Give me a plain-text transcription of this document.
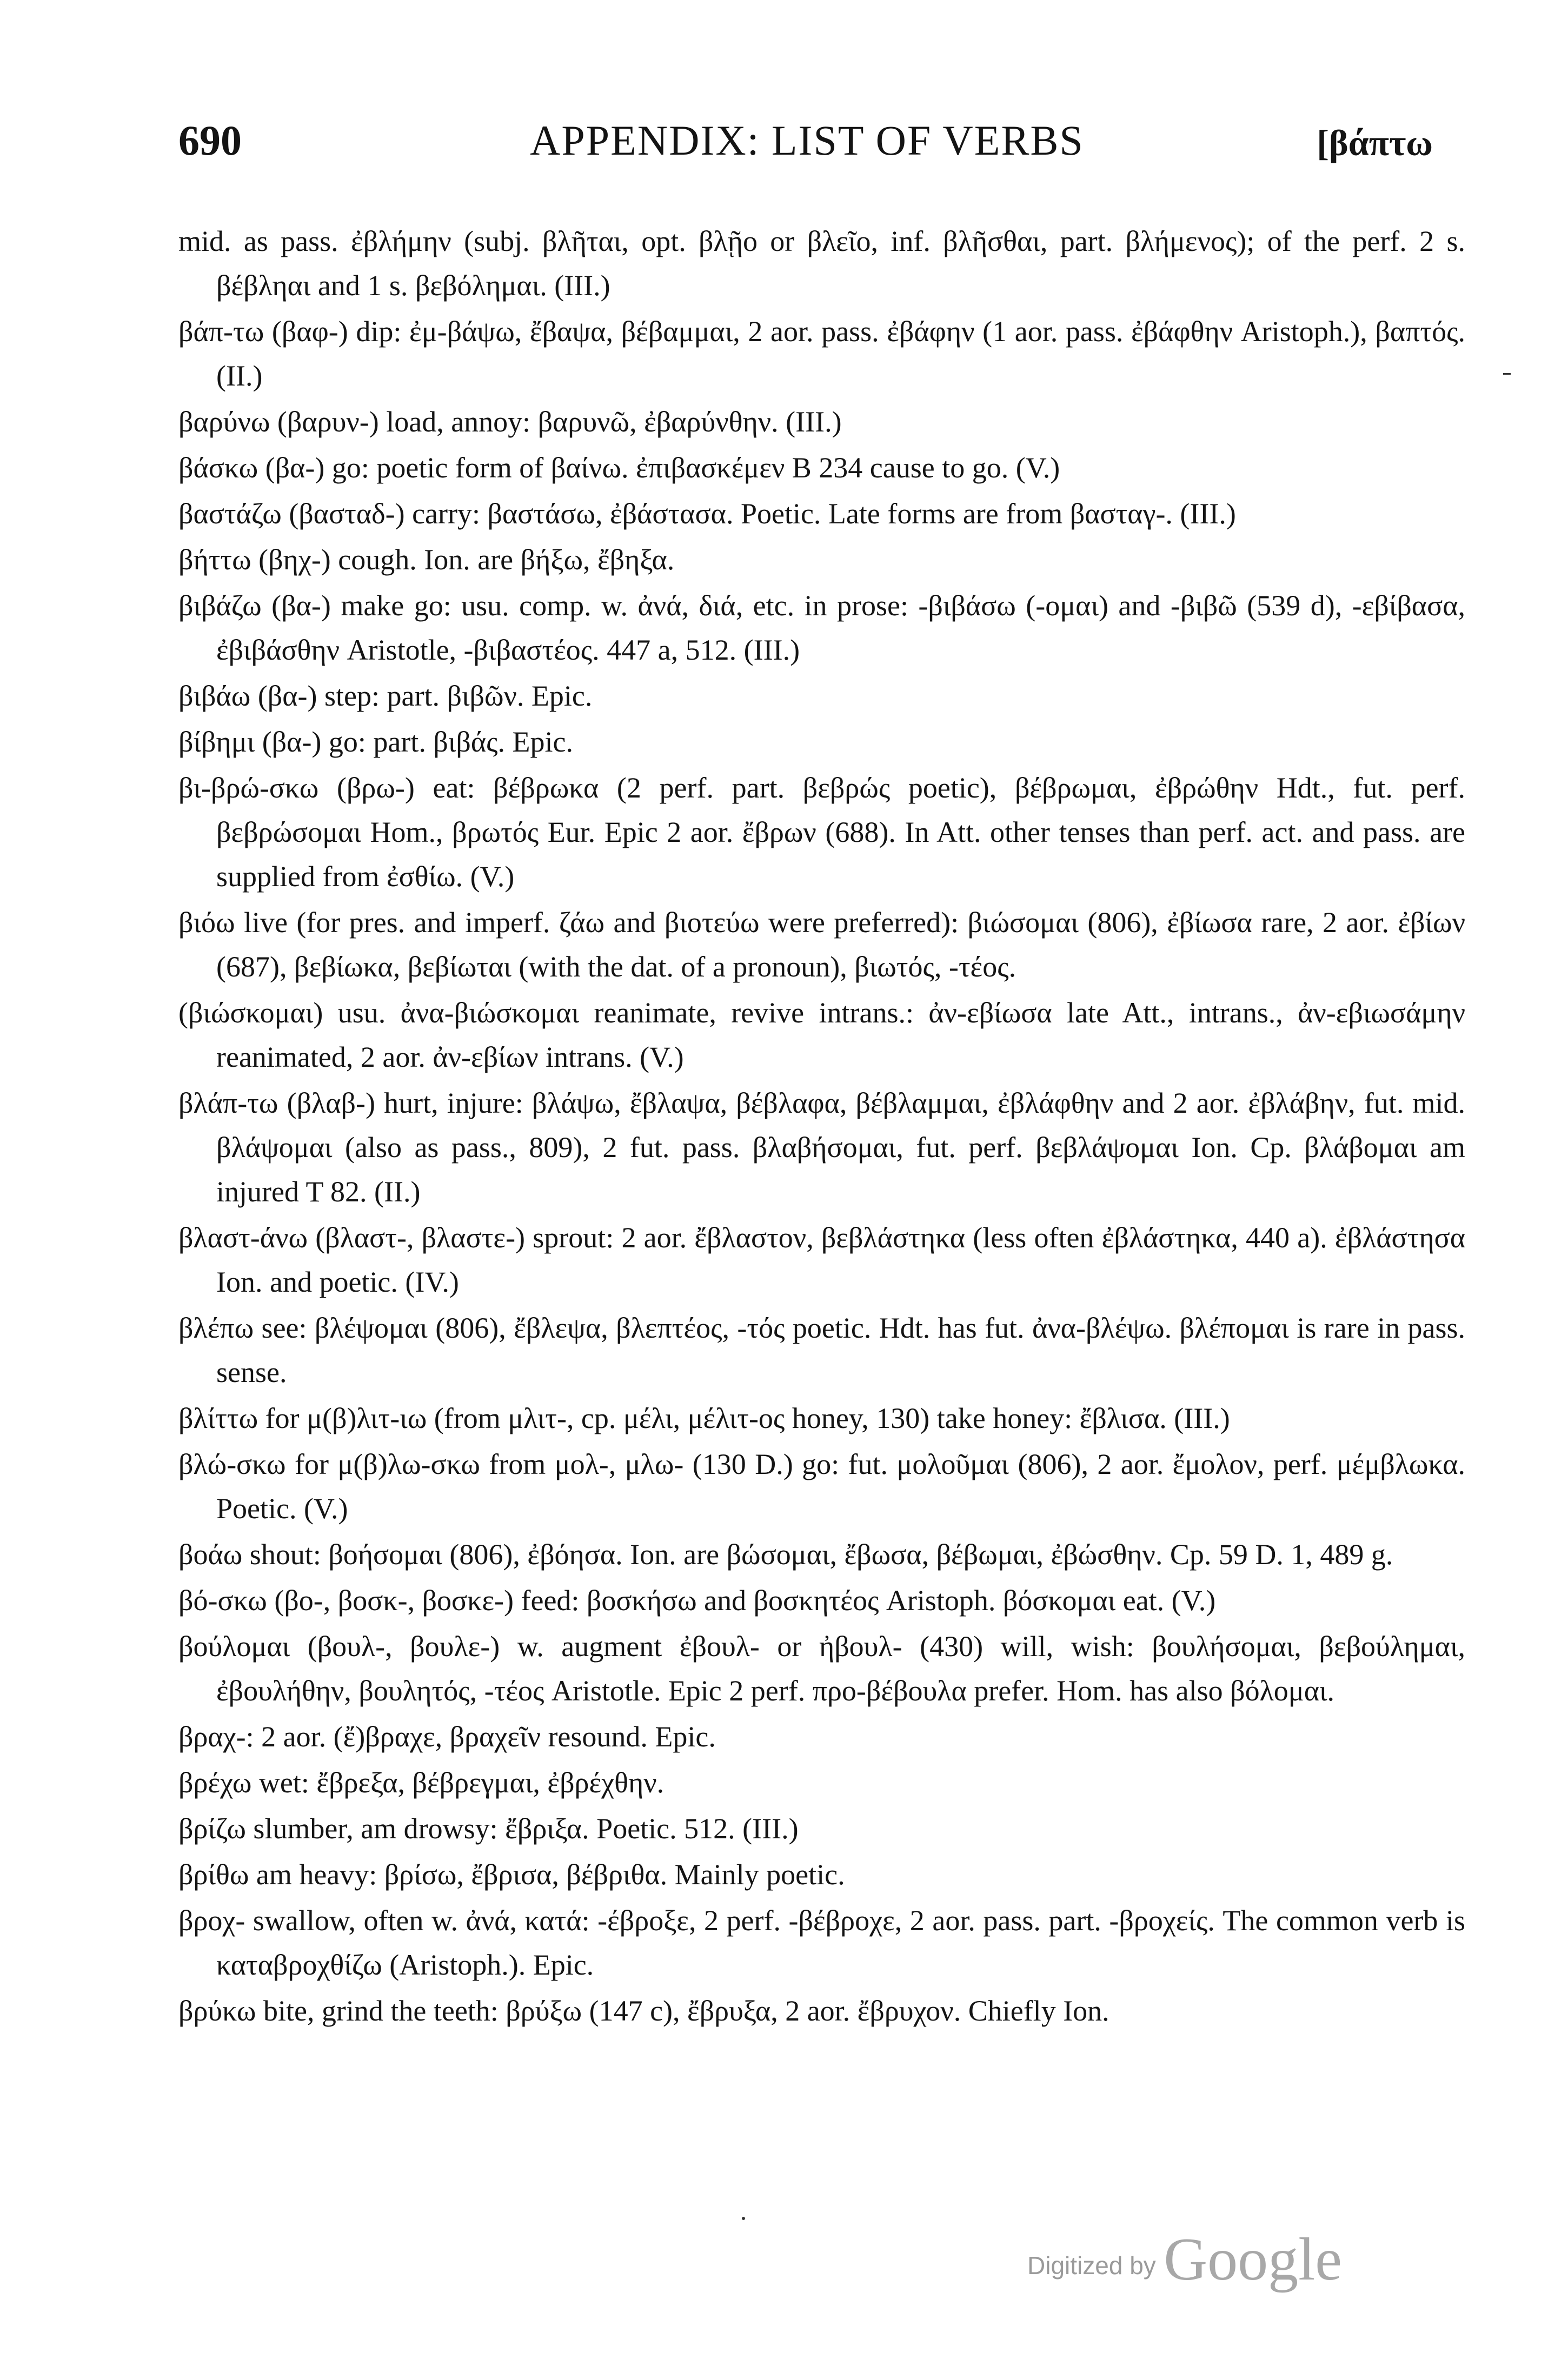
690	APPENDIX: LIST OF VERBS	[βάπτω

mid. as pass. ἐβλήμην (subj. βλῆται, opt. βλῇο or βλεῖο, inf. βλῆσθαι, part. βλήμενος); of the perf. 2 s. βέβληαι and 1 s. βεβόλημαι. (III.)

βάπ-τω (βαφ-) dip: ἐμ-βάψω, ἔβαψα, βέβαμμαι, 2 aor. pass. ἐβάφην (1 aor. pass. ἐβάφθην Aristoph.), βαπτός. (II.)

βαρύνω (βαρυν-) load, annoy: βαρυνῶ, ἐβαρύνθην. (III.)

βάσκω (βα-) go: poetic form of βαίνω. ἐπιβασκέμεν B 234 cause to go. (V.)

βαστάζω (βασταδ-) carry: βαστάσω, ἐβάστασα. Poetic. Late forms are from βασταγ-. (III.)

βήττω (βηχ-) cough. Ion. are βήξω, ἔβηξα.

βιβάζω (βα-) make go: usu. comp. w. ἀνά, διά, etc. in prose: -βιβάσω (-ομαι) and -βιβῶ (539 d), -εβίβασα, ἐβιβάσθην Aristotle, -βιβαστέος. 447 a, 512. (III.)

βιβάω (βα-) step: part. βιβῶν. Epic.

βίβημι (βα-) go: part. βιβάς. Epic.

βι-βρώ-σκω (βρω-) eat: βέβρωκα (2 perf. part. βεβρώς poetic), βέβρωμαι, ἐβρώθην Hdt., fut. perf. βεβρώσομαι Hom., βρωτός Eur. Epic 2 aor. ἔβρων (688). In Att. other tenses than perf. act. and pass. are supplied from ἐσθίω. (V.)

βιόω live (for pres. and imperf. ζάω and βιοτεύω were preferred): βιώσομαι (806), ἐβίωσα rare, 2 aor. ἐβίων (687), βεβίωκα, βεβίωται (with the dat. of a pronoun), βιωτός, -τέος.

(βιώσκομαι) usu. ἀνα-βιώσκομαι reanimate, revive intrans.: ἀν-εβίωσα late Att., intrans., ἀν-εβιωσάμην reanimated, 2 aor. ἀν-εβίων intrans. (V.)

βλάπ-τω (βλαβ-) hurt, injure: βλάψω, ἔβλαψα, βέβλαφα, βέβλαμμαι, ἐβλάφθην and 2 aor. ἐβλάβην, fut. mid. βλάψομαι (also as pass., 809), 2 fut. pass. βλαβήσομαι, fut. perf. βεβλάψομαι Ion. Cp. βλάβομαι am injured T 82. (II.)

βλαστ-άνω (βλαστ-, βλαστε-) sprout: 2 aor. ἔβλαστον, βεβλάστηκα (less often ἐβλάστηκα, 440 a). ἐβλάστησα Ion. and poetic. (IV.)

βλέπω see: βλέψομαι (806), ἔβλεψα, βλεπτέος, -τός poetic. Hdt. has fut. ἀνα-βλέψω. βλέπομαι is rare in pass. sense.

βλίττω for μ(β)λιτ-ιω (from μλιτ-, cp. μέλι, μέλιτ-ος honey, 130) take honey: ἔβλισα. (III.)

βλώ-σκω for μ(β)λω-σκω from μολ-, μλω- (130 D.) go: fut. μολοῦμαι (806), 2 aor. ἔμολον, perf. μέμβλωκα. Poetic. (V.)

βοάω shout: βοήσομαι (806), ἐβόησα. Ion. are βώσομαι, ἔβωσα, βέβωμαι, ἐβώσθην. Cp. 59 D. 1, 489 g.

βό-σκω (βο-, βοσκ-, βοσκε-) feed: βοσκήσω and βοσκητέος Aristoph. βόσκομαι eat. (V.)

βούλομαι (βουλ-, βουλε-) w. augment ἐβουλ- or ἠβουλ- (430) will, wish: βουλήσομαι, βεβούλημαι, ἐβουλήθην, βουλητός, -τέος Aristotle. Epic 2 perf. προ-βέβουλα prefer. Hom. has also βόλομαι.

βραχ-: 2 aor. (ἔ)βραχε, βραχεῖν resound. Epic.

βρέχω wet: ἔβρεξα, βέβρεγμαι, ἐβρέχθην.

βρίζω slumber, am drowsy: ἔβριξα. Poetic. 512. (III.)

βρίθω am heavy: βρίσω, ἔβρισα, βέβριθα. Mainly poetic.

βροχ- swallow, often w. ἀνά, κατά: -έβροξε, 2 perf. -βέβροχε, 2 aor. pass. part. -βροχείς. The common verb is καταβροχθίζω (Aristoph.). Epic.

βρύκω bite, grind the teeth: βρύξω (147 c), ἔβρυξα, 2 aor. ἔβρυχον. Chiefly Ion.

Digitized by Google
